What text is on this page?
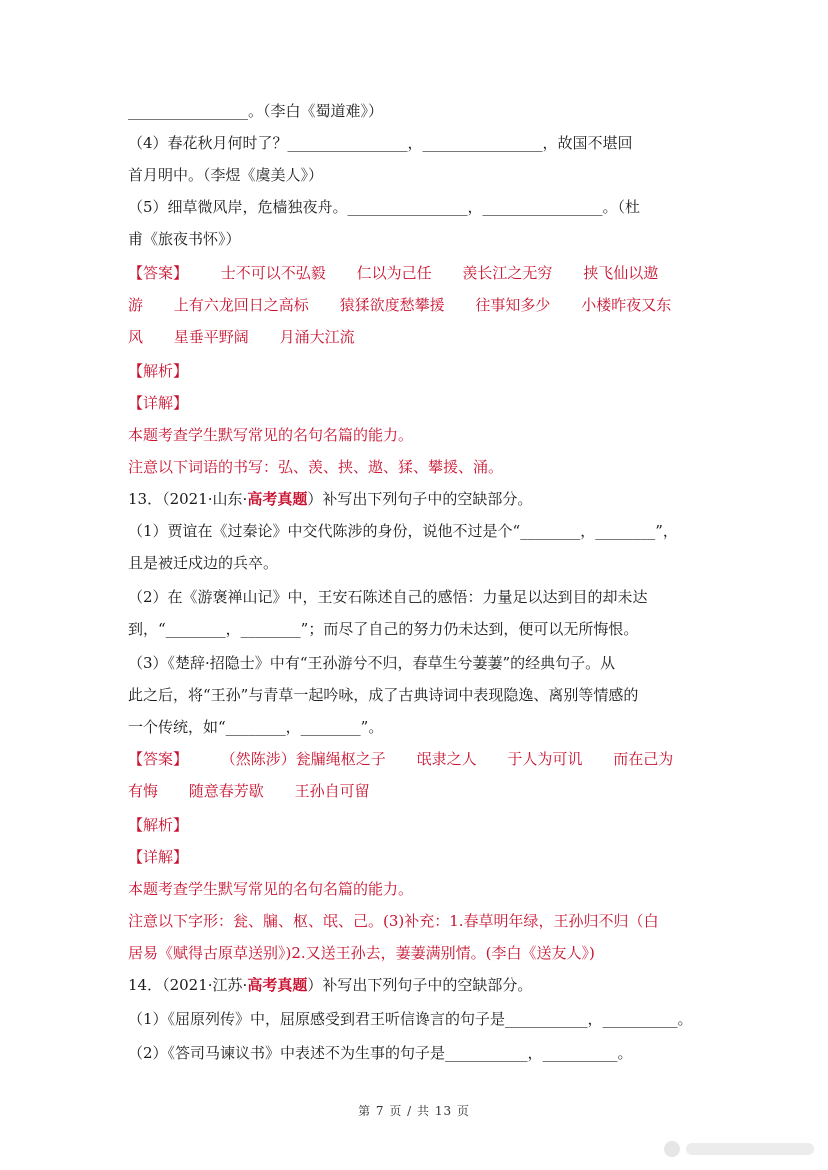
________________。（李白《蜀道难》）
（4）春花秋月何时了？________________，________________，故国不堪回
首月明中。（李煜《虞美人》）
（5）细草微风岸，危樯独夜舟。________________，________________。（杜
甫《旅夜书怀》）
【答案】 士不可以不弘毅 仁以为己任 羡长江之无穷 挟飞仙以遨
游 上有六龙回日之高标 猿猱欲度愁攀援 往事知多少 小楼昨夜又东
风 星垂平野阔 月涌大江流
【解析】
【详解】
本题考查学生默写常见的名句名篇的能力。
注意以下词语的书写：弘、羡、挟、遨、猱、攀援、涌。
13．（2021·山东·高考真题）补写出下列句子中的空缺部分。
（1）贾谊在《过秦论》中交代陈涉的身份，说他不过是个“________，________”，
且是被迁戍边的兵卒。
（2）在《游褒禅山记》中，王安石陈述自己的感悟：力量足以达到目的却未达
到，“________，________”；而尽了自己的努力仍未达到，便可以无所悔恨。
（3）《楚辞·招隐士》中有“王孙游兮不归，春草生兮萋萋”的经典句子。从
此之后，将“王孙”与青草一起吟咏，成了古典诗词中表现隐逸、离别等情感的
一个传统，如“________，________”。
【答案】 （然陈涉）瓮牖绳枢之子 氓隶之人 于人为可讥 而在己为
有悔 随意春芳歇 王孙自可留
【解析】
【详解】
本题考查学生默写常见的名句名篇的能力。
注意以下字形：瓮、牖、枢、氓、己。(3)补充：1.春草明年绿，王孙归不归（白
居易《赋得古原草送别》)2.又送王孙去，萋萋满别情。(李白《送友人》)
14．（2021·江苏·高考真题）补写出下列句子中的空缺部分。
（1）《屈原列传》中，屈原感受到君王听信谗言的句子是___________，__________。
（2）《答司马谏议书》中表述不为生事的句子是___________，__________。
第 7 页 / 共 13 页
